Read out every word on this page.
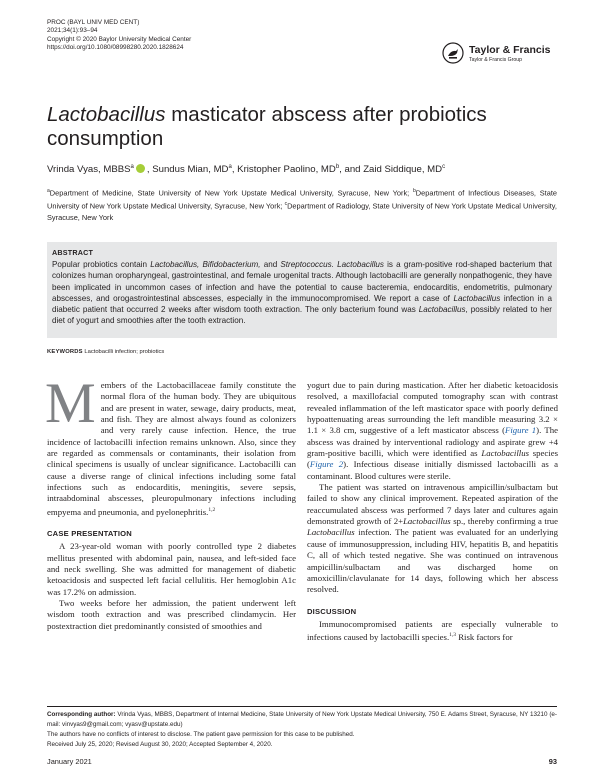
PROC (BAYL UNIV MED CENT)
2021;34(1):93–94
Copyright © 2020 Baylor University Medical Center
https://doi.org/10.1080/08998280.2020.1828624	Taylor & Francis
Taylor & Francis Group
Lactobacillus masticator abscess after probiotics consumption
Vrinda Vyas, MBBS$^a$ , Sundus Mian, $MD^a$, Kristopher Paolino, $MD^b$, and Zaid Siddique, $MD^c$
$^a$Department of Medicine, State University of New York Upstate Medical University, Syracuse, New York; $^b$Department of Infectious Diseases, State University of New York Upstate Medical University, Syracuse, New York; $^c$Department of Radiology, State University of New York Upstate Medical University, Syracuse, New York
ABSTRACT
Popular probiotics contain Lactobacillus, Bifidobacterium, and Streptococcus. Lactobacillus is a gram-positive rod-shaped bacterium that colonizes human oropharyngeal, gastrointestinal, and female urogenital tracts. Although lactobacilli are generally nonpathogenic, they have been implicated in uncommon cases of infection and have the potential to cause bacteremia, endocarditis, endometritis, pulmonary abscesses, and orogastrointestinal abscesses, especially in the immunocompromised. We report a case of Lactobacillus infection in a diabetic patient that occurred 2 weeks after wisdom tooth extraction. The only bacterium found was Lactobacillus, possibly related to her diet of yogurt and smoothies after the tooth extraction.
KEYWORDS Lactobacilli infection; probiotics

Members of the Lactobacillaceae family constitute the normal flora of the human body. They are ubiquitous and are present in water, sewage, dairy products, meat, and fish. They are almost always found as colonizers and very rarely cause infection. Hence, the true incidence of lactobacilli infection remains unknown. Also, since they are regarded as commensals or contaminants, their isolation from clinical specimens is usually of unclear significance. Lactobacilli can cause a diverse range of clinical infections including some fatal infections such as endocarditis, meningitis, severe sepsis, intraabdominal abscesses, pleuropulmonary infections including empyema and pneumonia, and pyelonephritis.$^{1,2}$

CASE PRESENTATION

A 23-year-old woman with poorly controlled type 2 diabetes mellitus presented with abdominal pain, nausea, and left-sided face and neck swelling. She was admitted for management of diabetic ketoacidosis and suspected left facial cellulitis. Her hemoglobin A1c was 17.2% on admission.

Two weeks before her admission, the patient underwent left wisdom tooth extraction and was prescribed clindamycin. Her postextraction diet predominantly consisted of smoothies and

yogurt due to pain during mastication. After her diabetic ketoacidosis resolved, a maxillofacial computed tomography scan with contrast revealed inflammation of the left masticator space with poorly defined hypoattenuating areas surrounding the left mandible measuring 3.2 × 1.1 × 3.8 cm, suggestive of a left masticator abscess (Figure 1). The abscess was drained by interventional radiology and aspirate grew +4 gram-positive bacilli, which were identified as Lactobacillus species (Figure 2). Infectious disease initially dismissed lactobacilli as a contaminant. Blood cultures were sterile.

The patient was started on intravenous ampicillin/sulbactam but failed to show any clinical improvement. Repeated aspiration of the reaccumulated abscess was performed 7 days later and cultures again demonstrated growth of 2+Lactobacillus sp., thereby confirming a true Lactobacillus infection. The patient was evaluated for an underlying cause of immunosuppression, including HIV, hepatitis B, and hepatitis C, all of which tested negative. She was continued on intravenous ampicillin/sulbactam and was discharged home on amoxicillin/clavulanate for 14 days, following which her abscess resolved.

DISCUSSION

Immunocompromised patients are especially vulnerable to infections caused by lactobacilli species.$^{1,3}$ Risk factors for

Corresponding author: Vrinda Vyas, MBBS, Department of Internal Medicine, State University of New York Upstate Medical University, 750 E. Adams Street, Syracuse, NY 13210 (e-mail: vinvyas9@gmail.com; vyasv@upstate.edu)
The authors have no conflicts of interest to disclose. The patient gave permission for this case to be published.
Received July 25, 2020; Revised August 30, 2020; Accepted September 4, 2020.
January 2021	93
